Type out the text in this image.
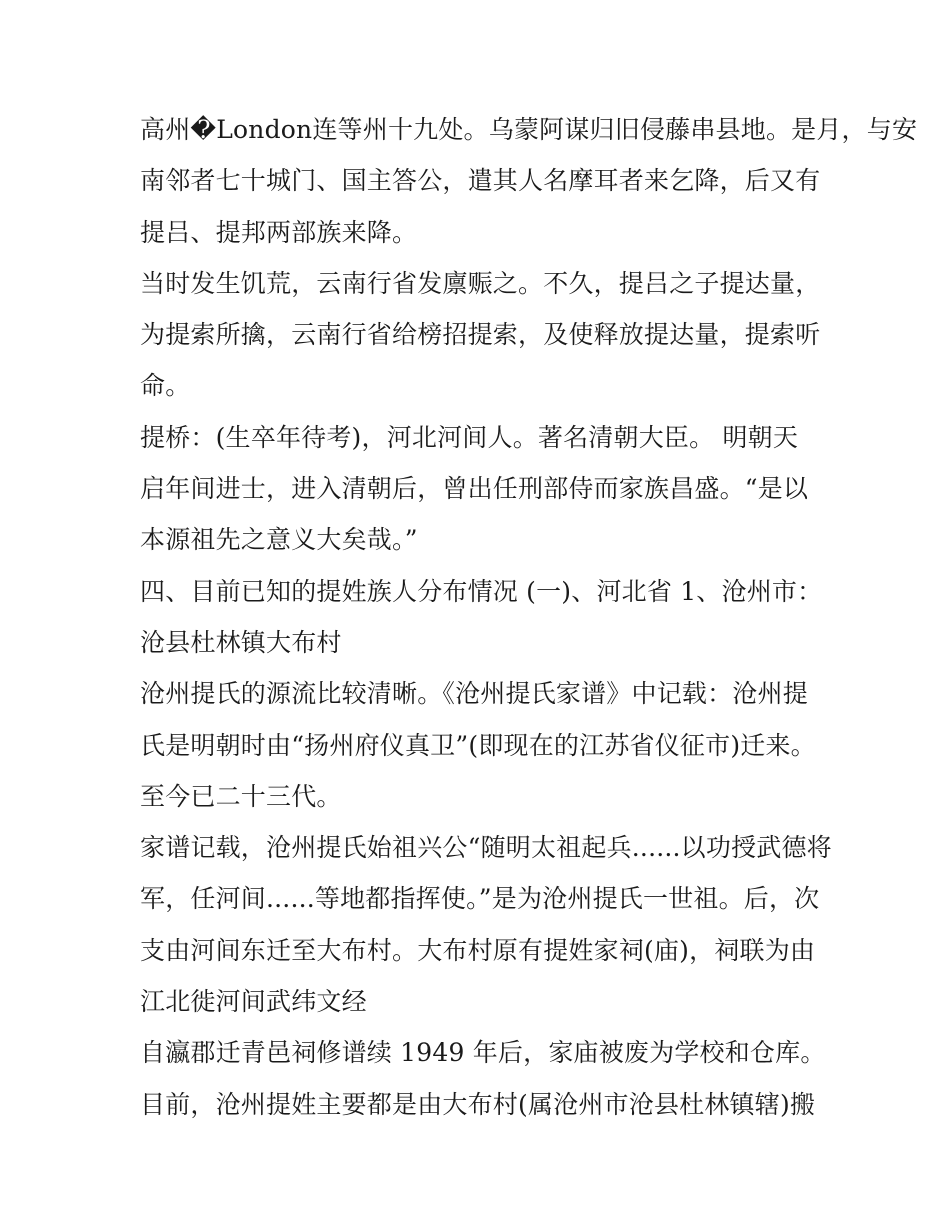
高州�London连等州十九处。乌蒙阿谋归旧侵藤串县地。是月，与安
南邻者七十城门、国主答公，遣其人名摩耳者来乞降，后又有
提吕、提邦两部族来降。
当时发生饥荒，云南行省发廪赈之。不久，提吕之子提达量，
为提索所擒，云南行省给榜招提索，及使释放提达量，提索听
命。
提桥：(生卒年待考)，河北河间人。著名清朝大臣。 明朝天
启年间进士，进入清朝后，曾出任刑部侍而家族昌盛。“是以
本源祖先之意义大矣哉。”
四、目前已知的提姓族人分布情况 (一)、河北省 1、沧州市：
沧县杜林镇大布村
沧州提氏的源流比较清晰。《沧州提氏家谱》中记载：沧州提
氏是明朝时由“扬州府仪真卫”(即现在的江苏省仪征市)迁来。
至今已二十三代。
家谱记载，沧州提氏始祖兴公“随明太祖起兵......以功授武德将
军，任河间......等地都指挥使。”是为沧州提氏一世祖。后，次
支由河间东迁至大布村。大布村原有提姓家祠(庙)，祠联为由
江北徙河间武纬文经
自瀛郡迁青邑祠修谱续 1949 年后，家庙被废为学校和仓库。
目前，沧州提姓主要都是由大布村(属沧州市沧县杜林镇辖)搬
